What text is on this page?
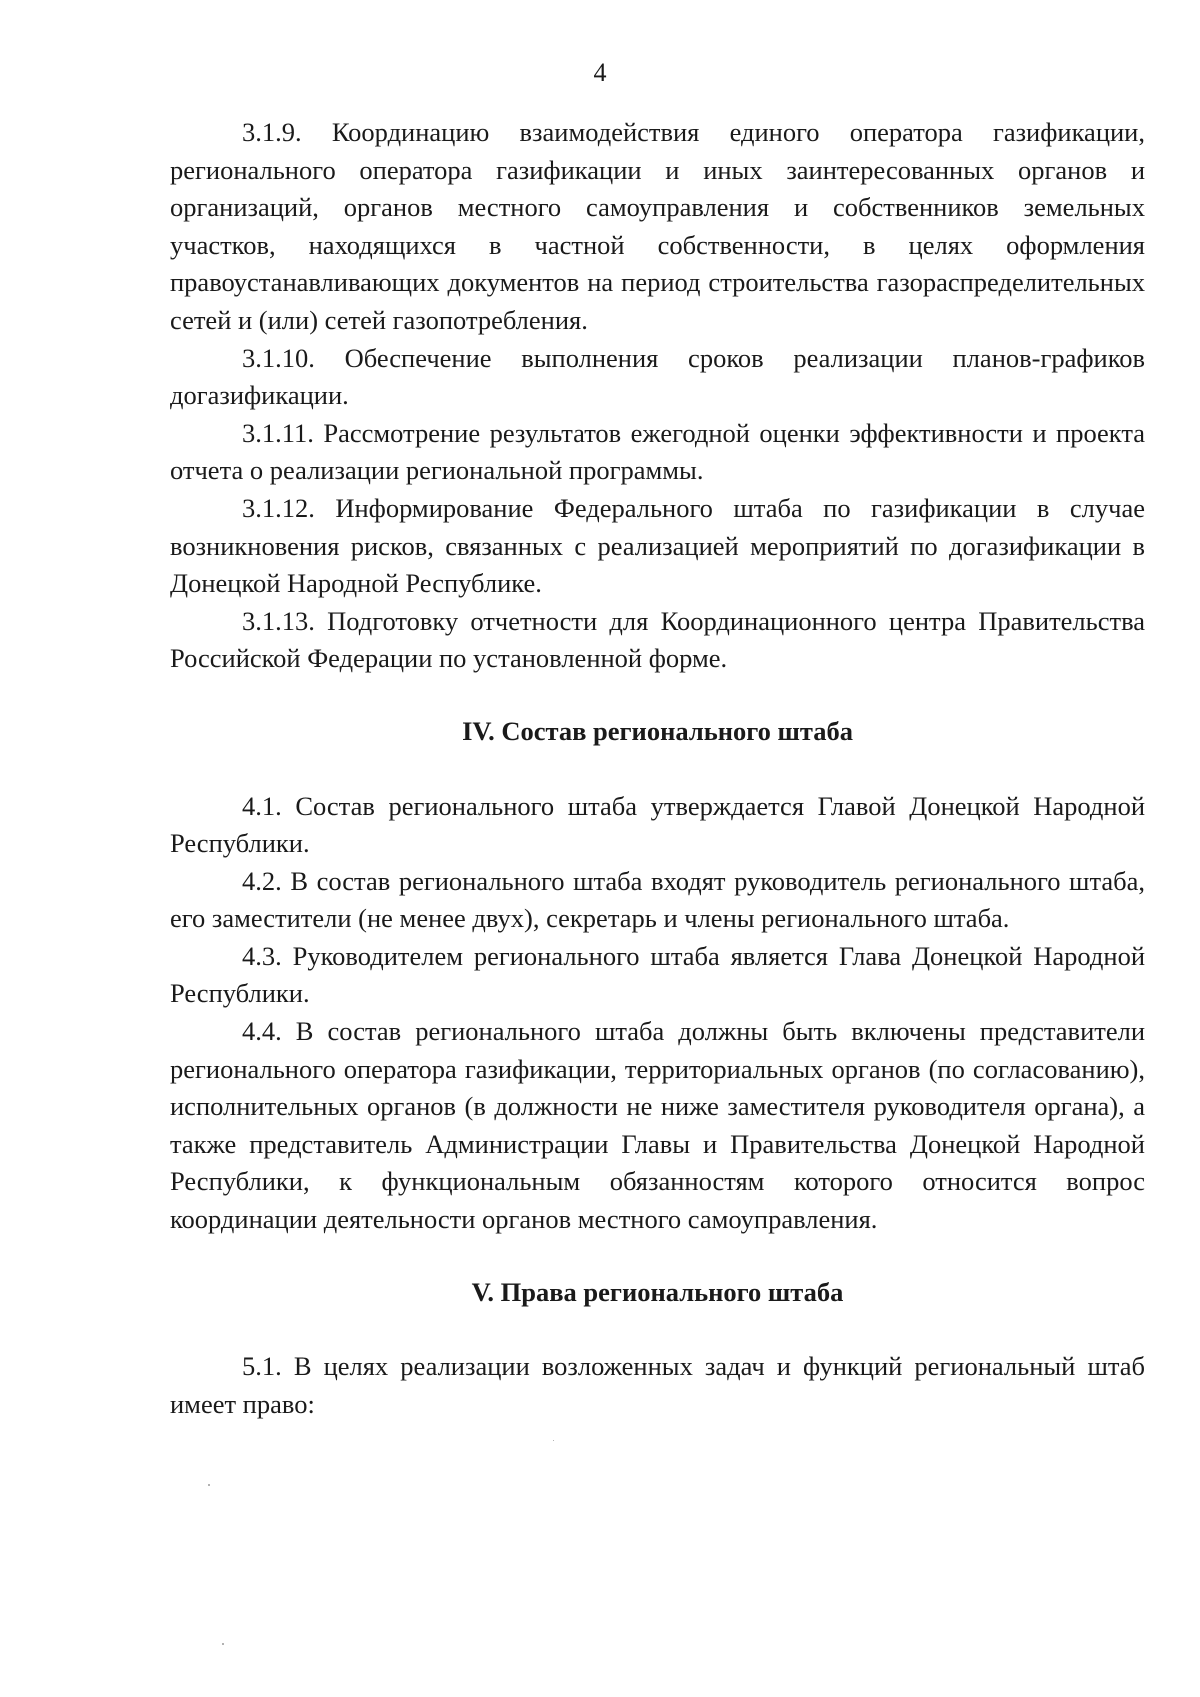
4

3.1.9. Координацию взаимодействия единого оператора газификации, регионального оператора газификации и иных заинтересованных органов и организаций, органов местного самоуправления и собственников земельных участков, находящихся в частной собственности, в целях оформления правоустанавливающих документов на период строительства газораспределительных сетей и (или) сетей газопотребления.

3.1.10. Обеспечение выполнения сроков реализации планов-графиков догазификации.

3.1.11. Рассмотрение результатов ежегодной оценки эффективности и проекта отчета о реализации региональной программы.

3.1.12. Информирование Федерального штаба по газификации в случае возникновения рисков, связанных с реализацией мероприятий по догазификации в Донецкой Народной Республике.

3.1.13. Подготовку отчетности для Координационного центра Правительства Российской Федерации по установленной форме.

IV. Состав регионального штаба

4.1. Состав регионального штаба утверждается Главой Донецкой Народной Республики.

4.2. В состав регионального штаба входят руководитель регионального штаба, его заместители (не менее двух), секретарь и члены регионального штаба.

4.3. Руководителем регионального штаба является Глава Донецкой Народной Республики.

4.4. В состав регионального штаба должны быть включены представители регионального оператора газификации, территориальных органов (по согласованию), исполнительных органов (в должности не ниже заместителя руководителя органа), а также представитель Администрации Главы и Правительства Донецкой Народной Республики, к функциональным обязанностям которого относится вопрос координации деятельности органов местного самоуправления.

V. Права регионального штаба

5.1. В целях реализации возложенных задач и функций региональный штаб имеет право:
